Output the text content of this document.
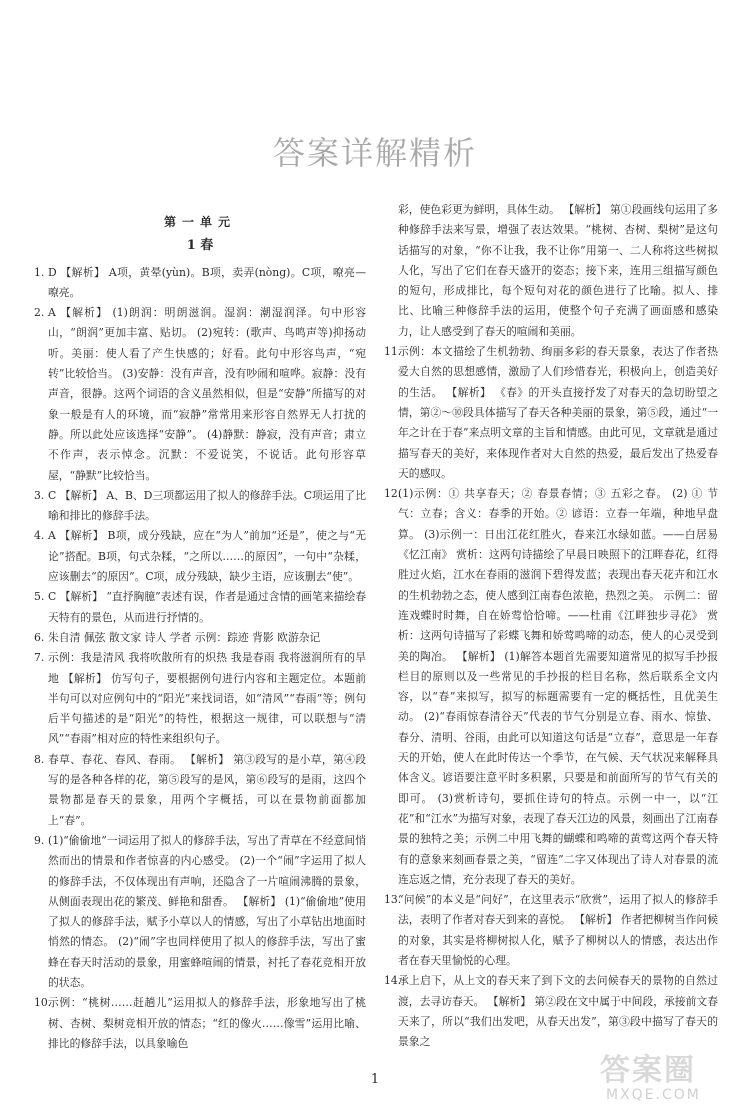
答案详解精析
第一单元
1 春
1. D 【解析】 A项，黄晕(yùn)。B项，卖弄(nòng)。C项，嘹亮—嘹亮。
2. A 【解析】 (1)朗润：明朗滋润。湿润：潮湿润泽。句中形容山，“朗润”更加丰富、贴切。 (2)宛转：(歌声、鸟鸣声等)抑扬动听。美丽：使人看了产生快感的；好看。此句中形容鸟声，“宛转”比较恰当。 (3)安静：没有声音，没有吵闹和喧哗。寂静：没有声音，很静。这两个词语的含义虽然相似，但是“安静”所描写的对象一般是有人的环境，而“寂静”常常用来形容自然界无人打扰的静。所以此处应该选择“安静”。 (4)静默：静寂，没有声音；肃立不作声，表示悼念。沉默：不爱说笑，不说话。此句形容草屋，“静默”比较恰当。
3. C 【解析】 A、B、D三项都运用了拟人的修辞手法。C项运用了比喻和排比的修辞手法。
4. A 【解析】 B项，成分残缺，应在“为人”前加“还是”，使之与“无论”搭配。B项，句式杂糅，“之所以……的原因”，一句中“杂糅，应该删去“的原因”。C项，成分残缺，缺少主语，应该删去“使”。
5. C 【解析】 “直抒胸臆”表述有误，作者是通过含情的画笔来描绘春天特有的景色，从而进行抒情的。
6. 朱自清 佩弦 散文家 诗人 学者 示例：踪迹 背影 欧游杂记
7. 示例：我是清风 我将吹散所有的炽热 我是春雨 我将滋润所有的旱地 【解析】 仿写句子，要根据例句进行内容和主题定位。本题前半句可以对应例句中的“阳光”来找词语，如“清风”“春雨”等；例句后半句描述的是“阳光”的特性，根据这一规律，可以联想与“清风”“春雨”相对应的特性来组织句子。
8. 春草、春花、春风、春雨。 【解析】 第③段写的是小草，第④段写的是各种各样的花，第⑤段写的是风，第⑥段写的是雨，这四个景物都是春天的景象，用两个字概括，可以在景物前面都加上“春”。
9. (1)“偷偷地”一词运用了拟人的修辞手法，写出了青草在不经意间悄然而出的情景和作者惊喜的内心感受。 (2)一个“闹”字运用了拟人的修辞手法，不仅体现出有声响，还隐含了一片喧闹沸腾的景象，从侧面表现出花的繁茂、鲜艳和甜香。 【解析】 (1)“偷偷地”使用了拟人的修辞手法，赋予小草以人的情感，写出了小草钻出地面时悄然的情态。 (2)“闹”字也同样使用了拟人的修辞手法，写出了蜜蜂在春天时活动的景象，用蜜蜂喧闹的情景，衬托了春花竞相开放的状态。
10.
示例：“桃树……赶趟儿”运用拟人的修辞手法，形象地写出了桃树、杏树、梨树竞相开放的情态；“红的像火……像雪”运用比喻、排比的修辞手法，以具象喻色
彩，使色彩更为鲜明，具体生动。 【解析】 第①段画线句运用了多种修辞手法来写景，增强了表达效果。“桃树、杏树、梨树”是这句话描写的对象，“你不让我，我不让你”用第一、二人称将这些树拟人化，写出了它们在春天盛开的姿态；接下来，连用三组描写颜色的短句，形成排比，每个短句对花的颜色进行了比喻。拟人、排比、比喻三种修辞手法的运用，使整个句子充满了画面感和感染力，让人感受到了春天的喧闹和美丽。
11.
示例：本文描绘了生机勃勃、绚丽多彩的春天景象，表达了作者热爱大自然的思想感情，激励了人们珍惜春光，积极向上，创造美好的生活。 【解析】 《春》的开头直接抒发了对春天的急切盼望之情，第②～⑩段具体描写了春天各种美丽的景象，第⑤段，通过“一年之计在于春”来点明文章的主旨和情感。由此可见，文章就是通过描写春天的美好，来体现作者对大自然的热爱，最后发出了热爱春天的感叹。
12.
(1)示例：① 共享春天；② 春景春情；③ 五彩之春。 (2) ① 节气：立春；含义：春季的开始。② 谚语：立春一年端，种地早盘算。 (3)示例一：日出江花红胜火，春来江水绿如蓝。——白居易《忆江南》 赏析：这两句诗描绘了早晨日映照下的江畔春花，红得胜过火焰，江水在春雨的滋润下碧得发蓝；表现出春天花卉和江水的生机勃勃之态，使人感到江南春色浓艳，热烈之美。 示例二：留连戏蝶时时舞，自在娇莺恰恰啼。——杜甫《江畔独步寻花》 赏析：这两句诗描写了彩蝶飞舞和娇莺鸣啼的动态，使人的心灵受到美的陶冶。 【解析】 (1)解答本题首先需要知道常见的拟写手抄报栏目的原则以及一些常见的手抄报的栏目名称，然后联系全文内容，以“春”来拟写，拟写的标题需要有一定的概括性，且优美生动。 (2)“春雨惊春清谷天”代表的节气分别是立春、雨水、惊蛰、春分、清明、谷雨，由此可以知道这句话是“立春”，意思是一年春天的开始，使人在此时传达一个季节，在气候、天气状况来解释具体含义。谚语要注意平时多积累，只要是和前面所写的节气有关的即可。 (3)赏析诗句，要抓住诗句的特点。示例一中一，以“江花”和“江水”为描写对象，表现了春天江边的风景，刻画出了江南春景的独特之美；示例二中用飞舞的蝴蝶和鸣啼的黄莺这两个春天特有的意象来刻画春景之美，“留连”二字又体现出了诗人对春景的流连忘返之情，充分表现了春天的美好。
13.
“问候”的本义是“问好”，在这里表示“欣赏”，运用了拟人的修辞手法，表明了作者对春天到来的喜悦。 【解析】 作者把柳树当作问候的对象，其实是将柳树拟人化，赋予了柳树以人的情感，表达出作者在春天里愉悦的心理。
14.
承上启下，从上文的春天来了到下文的去问候春天的景物的自然过渡，去寻访春天。 【解析】 第②段在文中属于中间段，承接前文春天来了，所以“我们出发吧，从春天出发”，第③段中描写了春天的景象之
1	答案圈
MXQE.COM
